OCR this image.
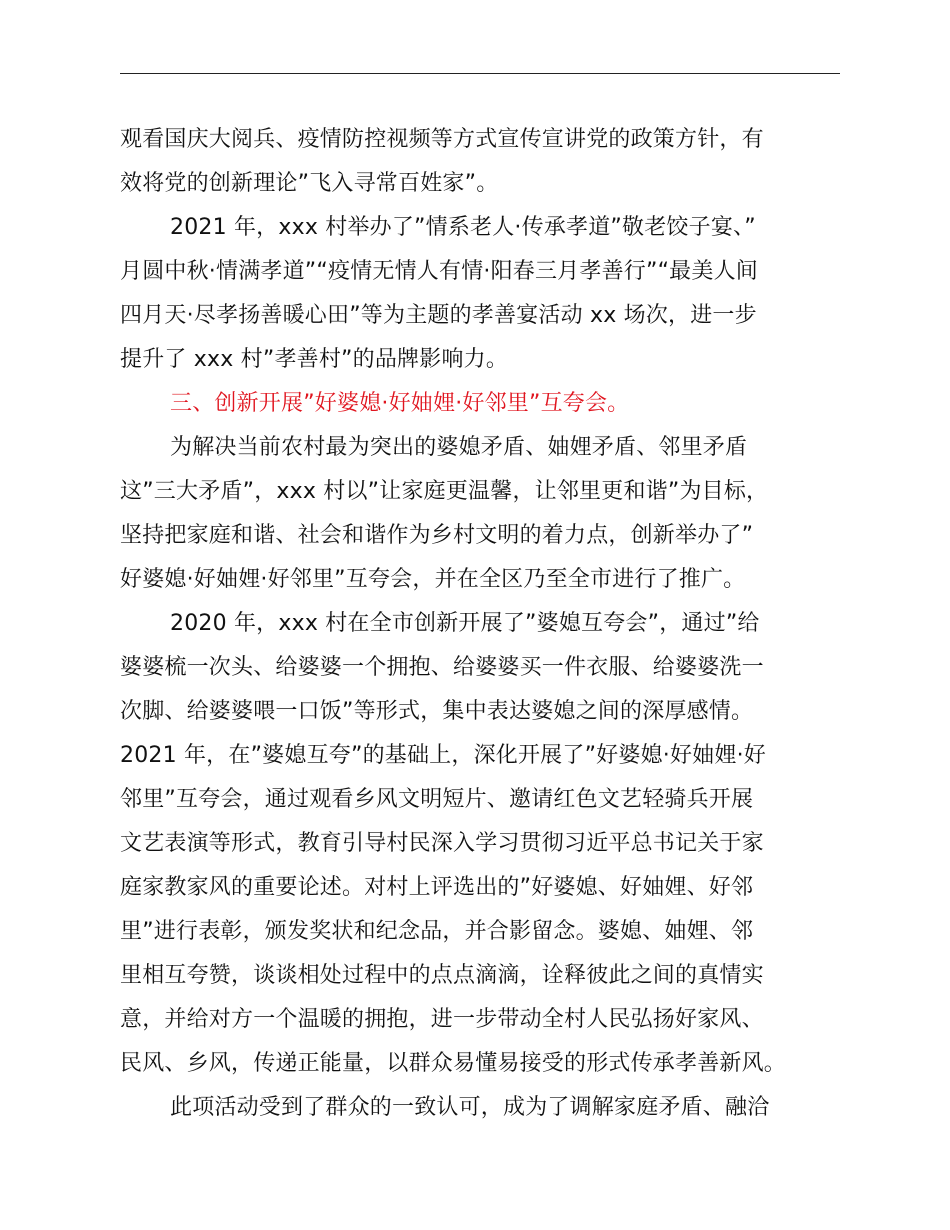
观看国庆大阅兵、疫情防控视频等方式宣传宣讲党的政策方针，有
效将党的创新理论”飞入寻常百姓家”。
2021 年，xxx 村举办了”情系老人·传承孝道”敬老饺子宴、”
月圆中秋·情满孝道”“疫情无情人有情·阳春三月孝善行”“最美人间
四月天·尽孝扬善暖心田”等为主题的孝善宴活动 xx 场次，进一步
提升了 xxx 村”孝善村”的品牌影响力。
三、创新开展”好婆媳·好妯娌·好邻里”互夸会。
为解决当前农村最为突出的婆媳矛盾、妯娌矛盾、邻里矛盾
这”三大矛盾”，xxx 村以”让家庭更温馨，让邻里更和谐”为目标，
坚持把家庭和谐、社会和谐作为乡村文明的着力点，创新举办了”
好婆媳·好妯娌·好邻里”互夸会，并在全区乃至全市进行了推广。
2020 年，xxx 村在全市创新开展了”婆媳互夸会”，通过”给
婆婆梳一次头、给婆婆一个拥抱、给婆婆买一件衣服、给婆婆洗一
次脚、给婆婆喂一口饭”等形式，集中表达婆媳之间的深厚感情。
2021 年，在”婆媳互夸”的基础上，深化开展了”好婆媳·好妯娌·好
邻里”互夸会，通过观看乡风文明短片、邀请红色文艺轻骑兵开展
文艺表演等形式，教育引导村民深入学习贯彻习近平总书记关于家
庭家教家风的重要论述。对村上评选出的”好婆媳、好妯娌、好邻
里”进行表彰，颁发奖状和纪念品，并合影留念。婆媳、妯娌、邻
里相互夸赞，谈谈相处过程中的点点滴滴，诠释彼此之间的真情实
意，并给对方一个温暖的拥抱，进一步带动全村人民弘扬好家风、
民风、乡风，传递正能量，以群众易懂易接受的形式传承孝善新风。
此项活动受到了群众的一致认可，成为了调解家庭矛盾、融洽
